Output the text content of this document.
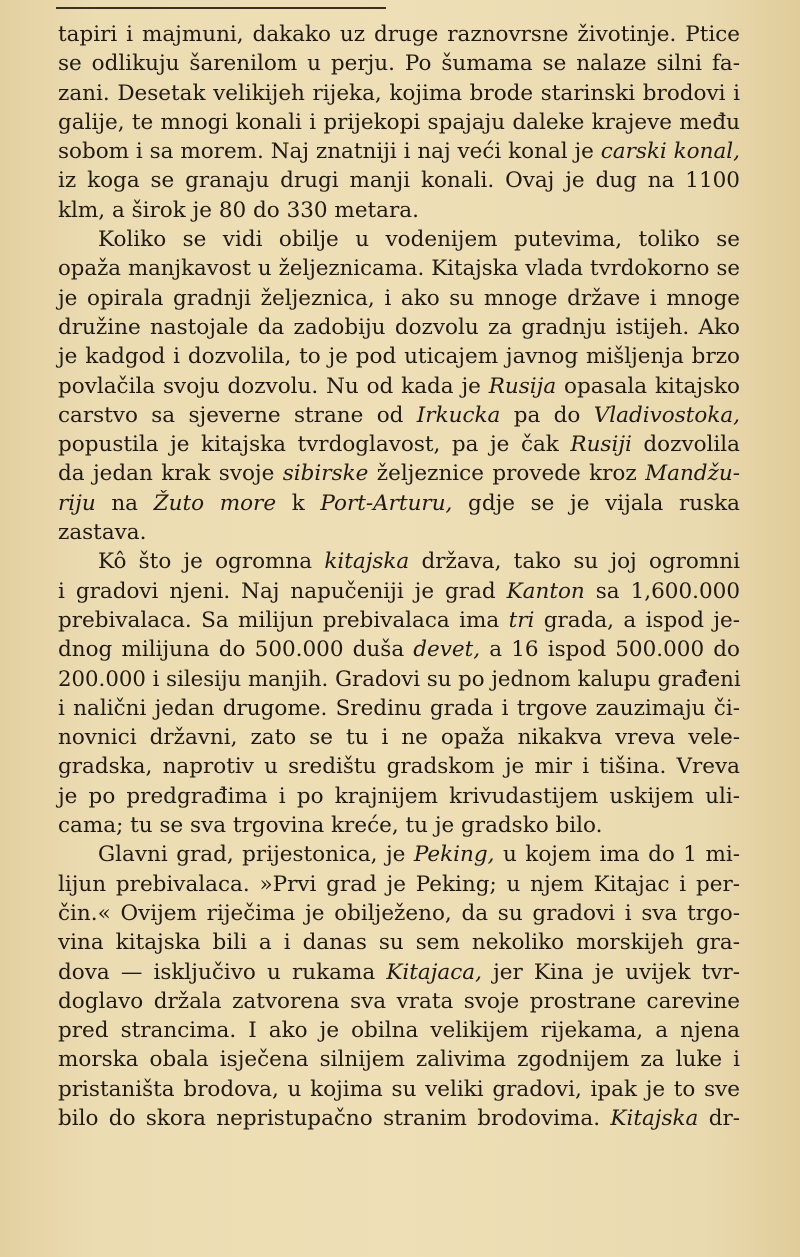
tapiri i majmuni, dakako uz druge raznovrsne životinje. Ptice
se odlikuju šarenilom u perju. Po šumama se nalaze silni fa-
zani. Desetak velikijeh rijeka, kojima brode starinski brodovi i
galije, te mnogi konali i prijekopi spajaju daleke krajeve među
sobom i sa morem. Naj znatniji i naj veći konal je carski konal,
iz koga se granaju drugi manji konali. Ovaj je dug na 1100
klm, a širok je 80 do 330 metara.
Koliko se vidi obilje u vodenijem putevima, toliko se
opaža manjkavost u željeznicama. Kitajska vlada tvrdokorno se
je opirala gradnji željeznica, i ako su mnoge države i mnoge
družine nastojale da zadobiju dozvolu za gradnju istijeh. Ako
je kadgod i dozvolila, to je pod uticajem javnog mišljenja brzo
povlačila svoju dozvolu. Nu od kada je Rusija opasala kitajsko
carstvo sa sjeverne strane od Irkucka pa do Vladivostoka,
popustila je kitajska tvrdoglavost, pa je čak Rusiji dozvolila
da jedan krak svoje sibirske željeznice provede kroz Mandžu-
riju na Žuto more k Port-Arturu, gdje se je vijala ruska
zastava.
Kô što je ogromna kitajska država, tako su joj ogromni
i gradovi njeni. Naj napučeniji je grad Kanton sa 1,600.000
prebivalaca. Sa milijun prebivalaca ima tri grada, a ispod je-
dnog milijuna do 500.000 duša devet, a 16 ispod 500.000 do
200.000 i silesiju manjih. Gradovi su po jednom kalupu građeni
i nalični jedan drugome. Sredinu grada i trgove zauzimaju či-
novnici državni, zato se tu i ne opaža nikakva vreva vele-
gradska, naprotiv u središtu gradskom je mir i tišina. Vreva
je po predgrađima i po krajnijem krivudastijem uskijem uli-
cama; tu se sva trgovina kreće, tu je gradsko bilo.
Glavni grad, prijestonica, je Peking, u kojem ima do 1 mi-
lijun prebivalaca. »Prvi grad je Peking; u njem Kitajac i per-
čin.« Ovijem riječima je obilježeno, da su gradovi i sva trgo-
vina kitajska bili a i danas su sem nekoliko morskijeh gra-
dova — isključivo u rukama Kitajaca, jer Kina je uvijek tvr-
doglavo držala zatvorena sva vrata svoje prostrane carevine
pred strancima. I ako je obilna velikijem rijekama, a njena
morska obala isječena silnijem zalivima zgodnijem za luke i
pristaništa brodova, u kojima su veliki gradovi, ipak je to sve
bilo do skora nepristupačno stranim brodovima. Kitajska dr-
